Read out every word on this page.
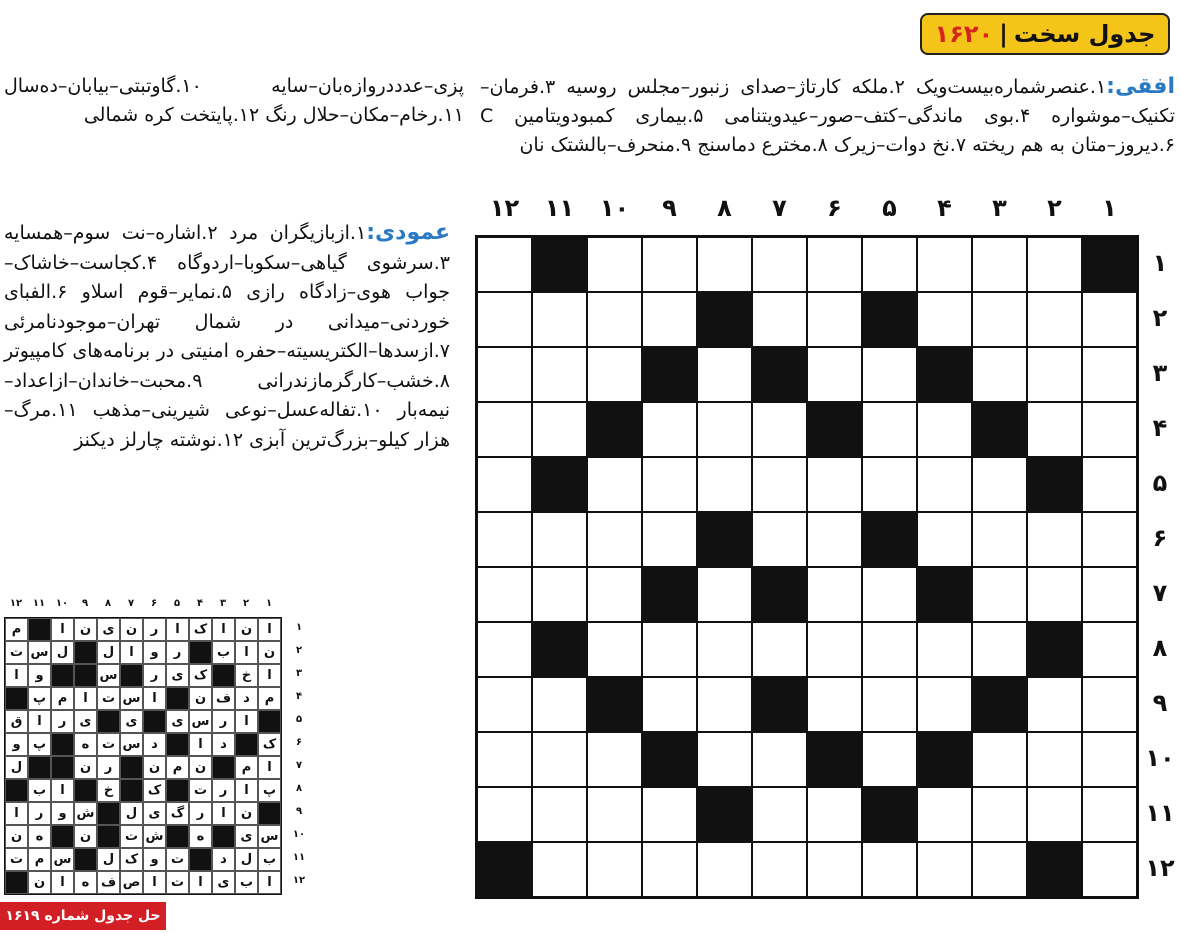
جدول سخت
|
۱۶۲۰
افقی:۱.عنصرشماره‌بیست‌ویک ۲.ملکه کارتاژ–صدای زنبور–مجلس روسیه ۳.فرمان–تکنیک–موشواره ۴.بوی ماندگی–کتف–صور–عیدویتنامی ۵.بیماری کمبودویتامین C ۶.دیروز–متان به هم ریخته ۷.نخ دوات–زیرک ۸.مخترع دماسنج ۹.منحرف–بالشتک نان
پزی–عدددروازه‌بان–سایه ۱۰.گاوتبتی–بیابان–ده‌سال ۱۱.رخام–مکان–حلال رنگ ۱۲.پایتخت کره شمالی
عمودی:۱.ازبازیگران مرد ۲.اشاره–نت سوم–همسایه ۳.سرشوی گیاهی–سکوبا–اردوگاه ۴.کجاست–خاشاک–جواب هوی–زادگاه رازی ۵.نمایر–قوم اسلاو ۶.الفبای خوردنی–میدانی در شمال تهران–موجودنامرئی ۷.ازسدها–الکتریسیته–حفره امنیتی در برنامه‌های کامپیوتر ۸.خشب–کارگرمازندرانی ۹.محبت–خاندان–ازاعداد–نیمه‌بار ۱۰.تفاله‌عسل–نوعی شیرینی–مذهب ۱۱.مرگ–هزار کیلو–بزرگ‌ترین آبزی ۱۲.نوشته چارلز دیکنز
۱
۲
۳
۴
۵
۶
۷
۸
۹
۱۰
۱۱
۱۲
۱
۲
۳
۴
۵
۶
۷
۸
۹
۱۰
۱۱
۱۲
۱
۲
۳
۴
۵
۶
۷
۸
۹
۱۰
۱۱
۱۲
۱
۲
۳
۴
۵
۶
۷
۸
۹
۱۰
۱۱
۱۲
ا
ن
ا
ک
ا
ر
ن
ی
ن
ا
م
ن
ا
ب
ر
و
ا
ل
ل
س
ت
ا
خ
ک
ی
ر
س
و
ا
م
د
ف
ن
ا
س
ت
ا
م
پ
ا
ر
س
ی
ی
ی
ر
ا
ق
ک
د
ا
د
س
ت
ه
پ
و
ا
م
ن
م
ن
ر
ن
ل
پ
ا
ر
ت
ک
خ
ا
ب
ن
ا
ر
گ
ی
ل
ش
و
ر
ا
س
ی
ه
ش
ت
ن
ه
ن
ب
ل
د
ت
و
ک
ل
س
م
ت
ا
ب
ی
ا
ت
ا
ص
ف
ه
ا
ن
حل جدول شماره ۱۶۱۹
